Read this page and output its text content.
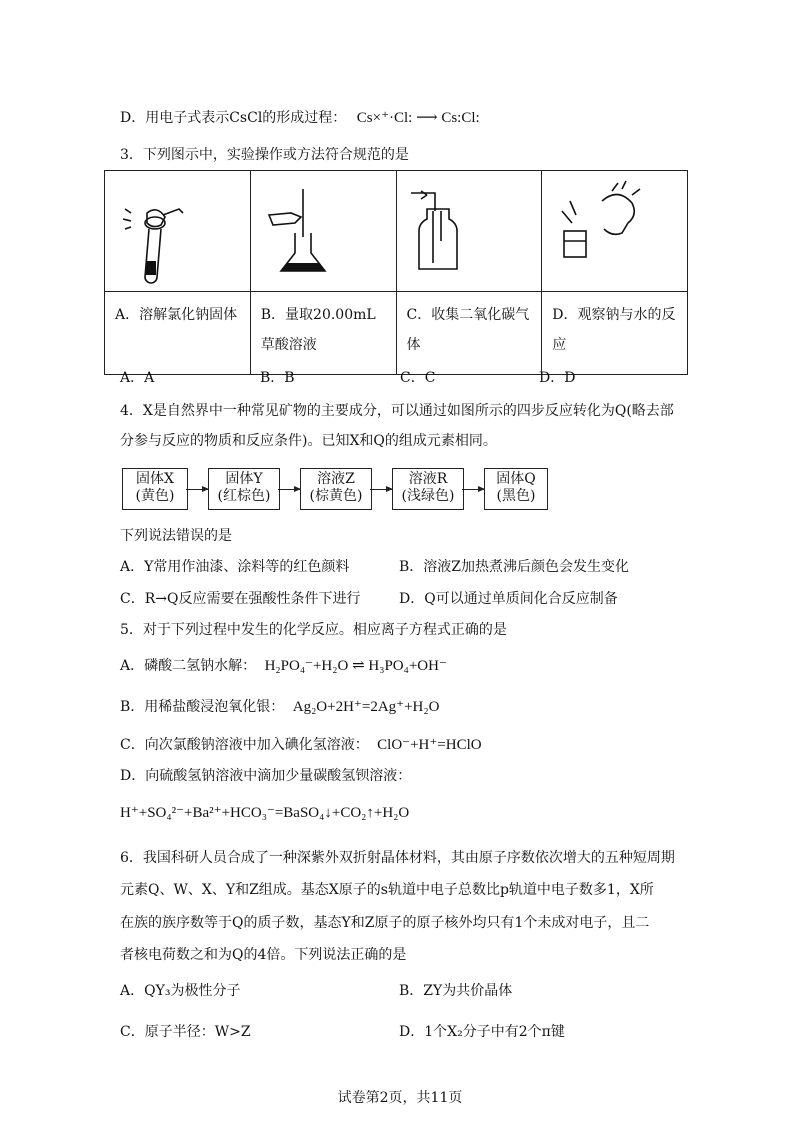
D．用电子式表示CsCl的形成过程： Cs×⁺·Cl: ⟶ Cs:Cl:
3．下列图示中，实验操作或方法符合规范的是

A．溶解氯化钠固体	B．量取20.00mL草酸溶液	C．收集二氧化碳气体	D．观察钠与水的反应
A．A	B．B	C．C	D．D
4．X是自然界中一种常见矿物的主要成分，可以通过如图所示的四步反应转化为Q(略去部
分参与反应的物质和反应条件)。已知X和Q的组成元素相同。
固体X
(黄色)
固体Y
(红棕色)
溶液Z
(棕黄色)
溶液R
(浅绿色)
固体Q
(黑色)
下列说法错误的是
A．Y常用作油漆、涂料等的红色颜料	B．溶液Z加热煮沸后颜色会发生变化
C．R→Q反应需要在强酸性条件下进行	D．Q可以通过单质间化合反应制备
5．对于下列过程中发生的化学反应。相应离子方程式正确的是
A．磷酸二氢钠水解： H₂PO₄⁻+H₂O ⇌ H₃PO₄+OH⁻
B．用稀盐酸浸泡氧化银： Ag₂O+2H⁺=2Ag⁺+H₂O
C．向次氯酸钠溶液中加入碘化氢溶液： ClO⁻+H⁺=HClO
D．向硫酸氢钠溶液中滴加少量碳酸氢钡溶液：
H⁺+SO₄²⁻+Ba²⁺+HCO₃⁻=BaSO₄↓+CO₂↑+H₂O
6．我国科研人员合成了一种深紫外双折射晶体材料，其由原子序数依次增大的五种短周期
元素Q、W、X、Y和Z组成。基态X原子的s轨道中电子总数比p轨道中电子数多1，X所
在族的族序数等于Q的质子数，基态Y和Z原子的原子核外均只有1个未成对电子，且二
者核电荷数之和为Q的4倍。下列说法正确的是
A．QY₃为极性分子	B．ZY为共价晶体
C．原子半径：W>Z	D．1个X₂分子中有2个π键
试卷第2页，共11页
